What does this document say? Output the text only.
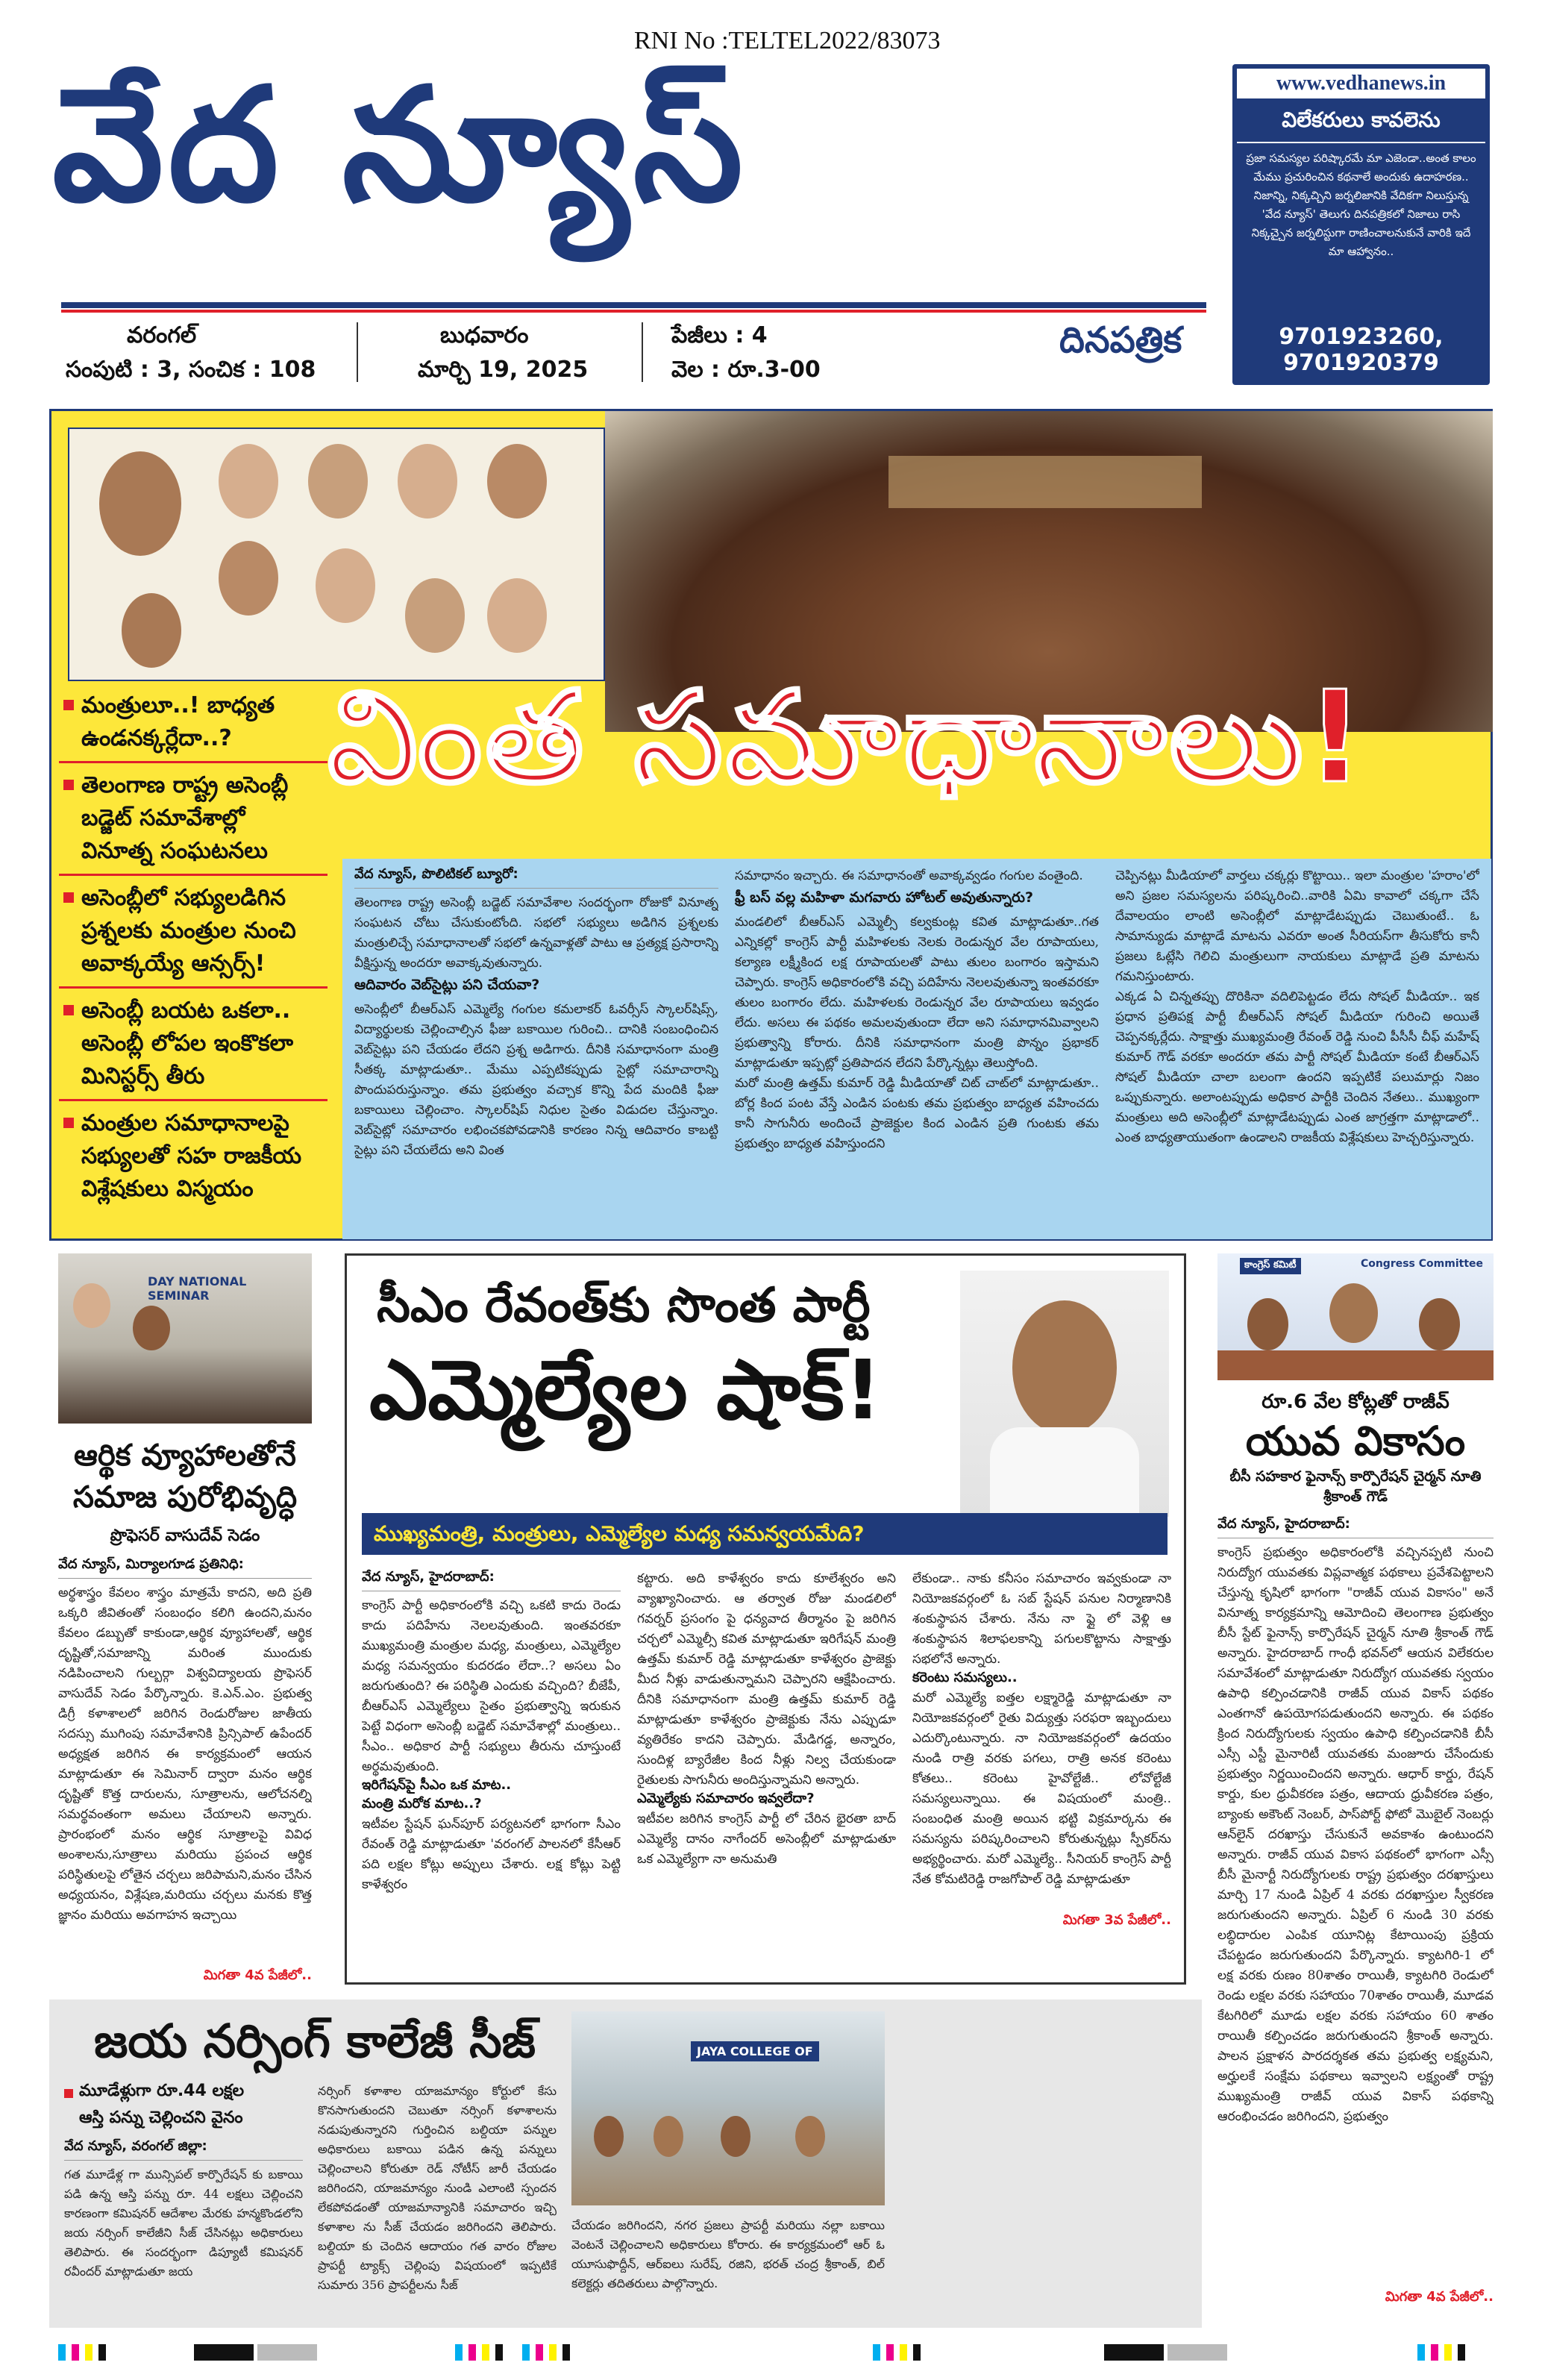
RNI No :TELTEL2022/83073
వేద న్యూస్
వరంగల్
సంపుటి : 3, సంచిక : 108
బుధవారం
మార్చి 19, 2025
పేజీలు : 4
వెల : రూ.3-00
దినపత్రిక
www.vedhanews.in
విలేకరులు కావలెను
ప్రజా సమస్యల పరిష్కారమే మా ఎజెండా..అంత కాలం మేము ప్రచురించిన కథనాలే అందుకు ఉదాహరణ.. నిజాన్ని, నిక్కచ్చిని జర్నలిజానికి వేదికగా నిలుస్తున్న 'వేద న్యూస్' తెలుగు దినపత్రికలో నిజాలు రాసి నిక్కచ్చైన జర్నలిస్టుగా రాణించాలనుకునే వారికి ఇదే మా ఆహ్వానం..
9701923260,
9701920379
వింత సమాధానాలు!
మంత్రులూ..! బాధ్యత ఉండనక్కర్లేదా..?
తెలంగాణ రాష్ట్ర అసెంబ్లీ బడ్జెట్ సమావేశాల్లో వినూత్న సంఘటనలు
అసెంబ్లీలో సభ్యులడిగిన ప్రశ్నలకు మంత్రుల నుంచి అవాక్కయ్యే ఆన్సర్స్!
అసెంబ్లీ బయట ఒకలా.. అసెంబ్లీ లోపల ఇంకొకలా మినిస్టర్స్ తీరు
మంత్రుల సమాధానాలపై సభ్యులతో సహ రాజకీయ విశ్లేషకులు విస్మయం
వేద న్యూస్, పొలిటికల్ బ్యూరో:
తెలంగాణ రాష్ట్ర అసెంబ్లీ బడ్జెట్ సమావేశాల సందర్భంగా రోజుకో వినూత్న సంఘటన చోటు చేసుకుంటోంది. సభలో సభ్యులు అడిగిన ప్రశ్నలకు మంత్రులిచ్చే సమాధానాలతో సభలో ఉన్నవాళ్లతో పాటు ఆ ప్రత్యక్ష ప్రసారాన్ని వీక్షిస్తున్న అందరూ అవాక్కవుతున్నారు.
ఆదివారం వెబ్‌సైట్లు పని చేయవా?
అసెంబ్లీలో బీఆర్ఎస్ ఎమ్మెల్యే గంగుల కమలాకర్ ఓవర్సీస్ స్కాలర్‌షిప్స్, విద్యార్థులకు చెల్లించాల్సిన ఫీజు బకాయిల గురించి.. దానికి సంబంధించిన వెబ్‌సైట్లు పని చేయడం లేదని ప్రశ్న అడిగారు. దీనికి సమాధానంగా మంత్రి సీతక్క మాట్లాడుతూ.. మేము ఎప్పటికప్పుడు సైట్లో సమాచారాన్ని పొందుపరుస్తున్నాం. తమ ప్రభుత్వం వచ్చాక కొన్ని పేద మందికి ఫీజు బకాయిలు చెల్లించాం. స్కాలర్‌షిప్ నిధుల సైతం విడుదల చేస్తున్నాం. వెబ్‌సైట్లో సమాచారం లభించకపోవడానికి కారణం నిన్న ఆదివారం కాబట్టి సైట్లు పని చేయలేదు అని వింత
సమాధానం ఇచ్చారు. ఈ సమాధానంతో అవాక్కవ్వడం గంగుల వంతైంది.
ఫ్రీ బస్ వల్ల మహిళా మగవారు హోటల్ అవుతున్నారు?
మండలిలో బీఆర్ఎస్ ఎమ్మెల్సీ కల్వకుంట్ల కవిత మాట్లాడుతూ..గత ఎన్నికల్లో కాంగ్రెస్ పార్టీ మహిళలకు నెలకు రెండున్నర వేల రూపాయలు, కల్యాణ లక్ష్మీకింద లక్ష రూపాయలతో పాటు తులం బంగారం ఇస్తామని చెప్పారు. కాంగ్రెస్ అధికారంలోకి వచ్చి పదిహేను నెలలవుతున్నా ఇంతవరకూ తులం బంగారం లేదు. మహిళలకు రెండున్నర వేల రూపాయలు ఇవ్వడం లేదు. అసలు ఈ పథకం అమలవుతుందా లేదా అని సమాధానమివ్వాలని ప్రభుత్వాన్ని కోరారు. దీనికి సమాధానంగా మంత్రి పొన్నం ప్రభాకర్ మాట్లాడుతూ ఇప్పట్లో ప్రతిపాదన లేదని పేర్కొన్నట్లు తెలుస్తోంది.
మరో మంత్రి ఉత్తమ్ కుమార్ రెడ్డి మీడియాతో చిట్ చాట్‌లో మాట్లాడుతూ.. బోర్ల కింద పంట వేస్తే ఎండిన పంటకు తమ ప్రభుత్వం బాధ్యత వహించదు కానీ సాగునీరు అందించే ప్రాజెక్టుల కింద ఎండిన ప్రతి గుంటకు తమ ప్రభుత్వం బాధ్యత వహిస్తుందని
చెప్పినట్లు మీడియాలో వార్తలు చక్కర్లు కొట్టాయి.. ఇలా మంత్రుల 'హరాం'లో అని ప్రజల సమస్యలను పరిష్కరించి..వారికి ఏమి కావాలో చక్కగా చేసే దేవాలయం లాంటి అసెంబ్లీలో మాట్లాడేటప్పుడు చెబుతుంటే.. ఓ సామాన్యుడు మాట్లాడే మాటను ఎవరూ అంత సీరియస్‌గా తీసుకోరు కానీ ప్రజలు ఓట్లేసి గెలిచి మంత్రులుగా నాయకులు మాట్లాడే ప్రతి మాటను గమనిస్తుంటారు.
ఎక్కడ ఏ చిన్నతప్పు దొరికినా వదిలిపెట్టడం లేదు సోషల్ మీడియా.. ఇక ప్రధాన ప్రతిపక్ష పార్టీ బీఆర్ఎస్ సోషల్ మీడియా గురించి అయితే చెప్పనక్కర్లేదు. సాక్షాత్తు ముఖ్యమంత్రి రేవంత్ రెడ్డి నుంచి పీసీసీ చీఫ్ మహేష్ కుమార్ గౌడ్ వరకూ అందరూ తమ పార్టీ సోషల్ మీడియా కంటే బీఆర్ఎస్ సోషల్ మీడియా చాలా బలంగా ఉందని ఇప్పటికే పలుమార్లు నిజం ఒప్పుకున్నారు. అలాంటప్పుడు అధికార పార్టీకి చెందిన నేతలు.. ముఖ్యంగా మంత్రులు అది అసెంబ్లీలో మాట్లాడేటప్పుడు ఎంత జాగ్రత్తగా మాట్లాడాలో.. ఎంత బాధ్యతాయుతంగా ఉండాలని రాజకీయ విశ్లేషకులు హెచ్చరిస్తున్నారు.
DAY NATIONAL SEMINAR
ఆర్థిక వ్యూహాలతోనే
సమాజ పురోభివృద్ధి
ప్రొఫెసర్ వాసుదేవ్ సెడం
వేద న్యూస్, మిర్యాలగూడ ప్రతినిధి:
అర్థశాస్త్రం కేవలం శాస్త్రం మాత్రమే కాదని, అది ప్రతి ఒక్కరి జీవితంతో సంబంధం కలిగి ఉందని,మనం కేవలం డబ్బుతో కాకుండా,ఆర్థిక వ్యూహాలతో, ఆర్థిక దృష్టితో,సమాజాన్ని మరింత ముందుకు నడిపించాలని గుల్బర్గా విశ్వవిద్యాలయ ప్రొఫెసర్ వాసుదేవ్ సెడం పేర్కొన్నారు. కె.ఎన్.ఎం. ప్రభుత్వ డిగ్రీ కళాశాలలో జరిగిన రెండురోజుల జాతీయ సదస్సు ముగింపు సమావేశానికి ప్రిన్సిపాల్ ఉపేందర్ అధ్యక్షత జరిగిన ఈ కార్యక్రమంలో ఆయన మాట్లాడుతూ ఈ సెమినార్ ద్వారా మనం ఆర్థిక దృష్టితో కొత్త దారులను, సూత్రాలను, ఆలోచనల్ని సమర్థవంతంగా అమలు చేయాలని అన్నారు. ప్రారంభంలో మనం ఆర్థిక సూత్రాలపై వివిధ అంశాలను,సూత్రాలు మరియు ప్రపంచ ఆర్థిక పరిస్థితులపై లోతైన చర్చలు జరిపామని,మనం చేసిన అధ్యయనం, విశ్లేషణ,మరియు చర్చలు మనకు కొత్త జ్ఞానం మరియు అవగాహన ఇచ్చాయి
మిగతా 4వ పేజీలో..
సీఎం రేవంత్‌కు సొంత పార్టీ
ఎమ్మెల్యేల షాక్!
ముఖ్యమంత్రి, మంత్రులు, ఎమ్మెల్యేల మధ్య సమన్వయమేది?
వేద న్యూస్, హైదరాబాద్:
కాంగ్రెస్ పార్టీ అధికారంలోకి వచ్చి ఒకటి కాదు రెండు కాదు పదిహేను నెలలవుతుంది. ఇంతవరకూ ముఖ్యమంత్రి మంత్రుల మధ్య, మంత్రులు, ఎమ్మెల్యేల మధ్య సమన్వయం కుదరడం లేదా..? అసలు ఏం జరుగుతుంది? ఈ పరిస్థితి ఎందుకు వచ్చింది? బీజేపీ, బీఆర్ఎస్ ఎమ్మెల్యేలు సైతం ప్రభుత్వాన్ని ఇరుకున పెట్టే విధంగా అసెంబ్లీ బడ్జెట్ సమావేశాల్లో మంత్రులు.. సీఎం.. అధికార పార్టీ సభ్యులు తీరును చూస్తుంటే అర్థమవుతుంది.
ఇరిగేషన్‌పై సీఎం ఒక మాట..
మంత్రి మరోక మాట..?
ఇటీవల స్టేషన్ ఘన్‌పూర్ పర్యటనలో భాగంగా సీఎం రేవంత్ రెడ్డి మాట్లాడుతూ 'వరంగల్ పాలనలో కేసీఆర్ పది లక్షల కోట్లు అప్పులు చేశారు. లక్ష కోట్లు పెట్టి కాళేశ్వరం
కట్టారు. అది కాళేశ్వరం కాదు కూలేశ్వరం అని వ్యాఖ్యానించారు. ఆ తర్వాత రోజు మండలిలో గవర్నర్ ప్రసంగం పై ధన్యవాద తీర్మానం పై జరిగిన చర్చలో ఎమ్మెల్సీ కవిత మాట్లాడుతూ ఇరిగేషన్ మంత్రి ఉత్తమ్ కుమార్ రెడ్డి మాట్లాడుతూ కాళేశ్వరం ప్రాజెక్టు మీద నీళ్లు వాడుతున్నామని చెప్పారని ఆక్షేపించారు. దీనికి సమాధానంగా మంత్రి ఉత్తమ్ కుమార్ రెడ్డి మాట్లాడుతూ కాళేశ్వరం ప్రాజెక్టుకు నేను ఎప్పుడూ వ్యతిరేకం కాదని చెప్పారు. మేడిగడ్డ, అన్నారం, సుందిళ్ల బ్యారేజీల కింద నీళ్లు నిల్వ చేయకుండా రైతులకు సాగునీరు అందిస్తున్నామని అన్నారు.
ఎమ్మెల్యేకు సమాచారం ఇవ్వలేదా?
ఇటీవల జరిగిన కాంగ్రెస్ పార్టీ లో చేరిన భైరతా బాద్ ఎమ్మెల్యే దానం నాగేందర్ అసెంబ్లీలో మాట్లాడుతూ ఒక ఎమ్మెల్యేగా నా అనుమతి
లేకుండా.. నాకు కనీసం సమాచారం ఇవ్వకుండా నా నియోజకవర్గంలో ఓ సబ్ స్టేషన్ పనుల నిర్మాణానికి శంకుస్థాపన చేశారు. నేను నా ఫ్లై లో వెళ్లి ఆ శంకుస్థాపన శిలాఫలకాన్ని పగులకొట్టాను సాక్షాత్తు సభలోనే అన్నారు.
కరెంటు సమస్యలు..
మరో ఎమ్మెల్యే ఐత్తల లక్ష్మారెడ్డి మాట్లాడుతూ నా నియోజకవర్గంలో రైతు విద్యుత్తు సరఫరా ఇబ్బందులు ఎదుర్కొంటున్నారు. నా నియోజకవర్గంలో ఉదయం నుండి రాత్రి వరకు పగలు, రాత్రి అనక కరెంటు కోతలు.. కరెంటు హైవోల్టేజీ.. లోవోల్టేజీ సమస్యలున్నాయి. ఈ విషయంలో మంత్రి.. సంబంధిత మంత్రి అయిన భట్టి విక్రమార్కను ఈ సమస్యను పరిష్కరించాలని కోరుతున్నట్లు స్పీకర్‌ను అభ్యర్థించారు. మరో ఎమ్మెల్యే.. సీనియర్ కాంగ్రెస్ పార్టీ నేత కోమటిరెడ్డి రాజగోపాల్ రెడ్డి మాట్లాడుతూ
మిగతా 3వ పేజీలో..
కాంగ్రెస్ కమిటీ	Congress Committee
రూ.6 వేల కోట్లతో రాజీవ్
యువ వికాసం
బీసీ సహకార ఫైనాన్స్ కార్పొరేషన్ చైర్మన్ నూతి శ్రీకాంత్ గౌడ్
వేద న్యూస్, హైదరాబాద్:
కాంగ్రెస్ ప్రభుత్వం అధికారంలోకి వచ్చినప్పటి నుంచి నిరుద్యోగ యువతకు విప్లవాత్మక పథకాలు ప్రవేశపెట్టాలని చేస్తున్న కృషిలో భాగంగా "రాజీవ్ యువ వికాసం" అనే వినూత్న కార్యక్రమాన్ని ఆమోదించి తెలంగాణ ప్రభుత్వం బీసీ స్టేట్ ఫైనాన్స్ కార్పొరేషన్ చైర్మన్ నూతి శ్రీకాంత్ గౌడ్ అన్నారు. హైదరాబాద్ గాంధీ భవన్‌లో ఆయన విలేకరుల సమావేశంలో మాట్లాడుతూ నిరుద్యోగ యువతకు స్వయం ఉపాధి కల్పించడానికి రాజీవ్ యువ వికాస్ పథకం ఎంతగానో ఉపయోగపడుతుందని అన్నారు. ఈ పథకం క్రింద నిరుద్యోగులకు స్వయం ఉపాధి కల్పించడానికి బీసీ ఎస్సీ ఎస్టీ మైనారిటీ యువతకు మంజూరు చేసేందుకు ప్రభుత్వం నిర్ణయించిందని అన్నారు. ఆధార్ కార్డు, రేషన్ కార్డు, కుల ధ్రువీకరణ పత్రం, ఆదాయ ధ్రువీకరణ పత్రం, బ్యాంకు అకౌంట్ నెంబర్, పాస్‌పోర్ట్ ఫోటో మొబైల్ నెంబర్లు ఆన్‌లైన్ దరఖాస్తు చేసుకునే అవకాశం ఉంటుందని అన్నారు. రాజీవ్ యువ వికాస పథకంలో భాగంగా ఎస్సీ బీసీ మైనార్టీ నిరుద్యోగులకు రాష్ట్ర ప్రభుత్వం దరఖాస్తులు మార్చి 17 నుండి ఏప్రిల్ 4 వరకు దరఖాస్తుల స్వీకరణ జరుగుతుందని అన్నారు. ఏప్రిల్ 6 నుండి 30 వరకు లబ్ధిదారుల ఎంపిక యూనిట్ల కేటాయింపు ప్రక్రియ చేపట్టడం జరుగుతుందని పేర్కొన్నారు. క్యాటగిరి-1 లో లక్ష వరకు రుణం 80శాతం రాయితీ, క్యాటగిరి రెండులో రెండు లక్షల వరకు సహాయం 70శాతం రాయితీ, మూడవ కేటగిరిలో మూడు లక్షల వరకు సహాయం 60 శాతం రాయితీ కల్పించడం జరుగుతుందని శ్రీకాంత్ అన్నారు. పాలన ప్రక్షాళన పారదర్శకత తమ ప్రభుత్వ లక్ష్యమని, అర్హులకే సంక్షేమ పథకాలు ఇవ్వాలని లక్ష్యంతో రాష్ట్ర ముఖ్యమంత్రి రాజీవ్ యువ వికాస్ పథకాన్ని ఆరంభించడం జరిగిందని, ప్రభుత్వం
మిగతా 4వ పేజీలో..
జయ నర్సింగ్ కాలేజీ సీజ్
మూడేళ్లుగా రూ.44 లక్షల
ఆస్తి పన్ను చెల్లించని వైనం
వేద న్యూస్, వరంగల్ జిల్లా:
గత మూడేళ్ల గా మున్సిపల్ కార్పొరేషన్ కు బకాయి పడి ఉన్న ఆస్తి పన్ను రూ. 44 లక్షలు చెల్లించని కారణంగా కమిషనర్ ఆదేశాల మేరకు హన్మకొండలోని జయ నర్సింగ్ కాలేజీని సీజ్ చేసినట్లు అధికారులు తెలిపారు. ఈ సందర్భంగా డిప్యూటీ కమిషనర్ రవీందర్ మాట్లాడుతూ జయ
నర్సింగ్ కళాశాల యాజమాన్యం కోర్టులో కేసు కొనసాగుతుందని చెబుతూ నర్సింగ్ కళాశాలను నడుపుతున్నారని గుర్తించిన బల్దియా పన్నుల అధికారులు బకాయి పడిన ఉన్న పన్నులు చెల్లించాలని కోరుతూ రెడ్ నోటీస్ జారీ చేయడం జరిగిందని, యాజమాన్యం నుండి ఎలాంటి స్పందన లేకపోవడంతో యాజమాన్యానికి సమాచారం ఇచ్చి కళాశాల ను సీజ్ చేయడం జరిగిందని తెలిపారు. బల్దియా కు చెందిన ఆదాయం గత వారం రోజుల ప్రాపర్టీ ట్యాక్స్ చెల్లింపు విషయంలో ఇప్పటికే సుమారు 356 ప్రాపర్టీలను సీజ్
JAYA COLLEGE OF
చేయడం జరిగిందని, నగర ప్రజలు ప్రాపర్టీ మరియు నల్లా బకాయి వెంటనే చెల్లించాలని అధికారులు కోరారు. ఈ కార్యక్రమంలో ఆర్ ఓ యూసుఫొద్దీన్, ఆర్ఐలు సురేష్, రజిని, భరత్ చంద్ర శ్రీకాంత్, బిల్ కలెక్టర్లు తదితరులు పాల్గొన్నారు.
